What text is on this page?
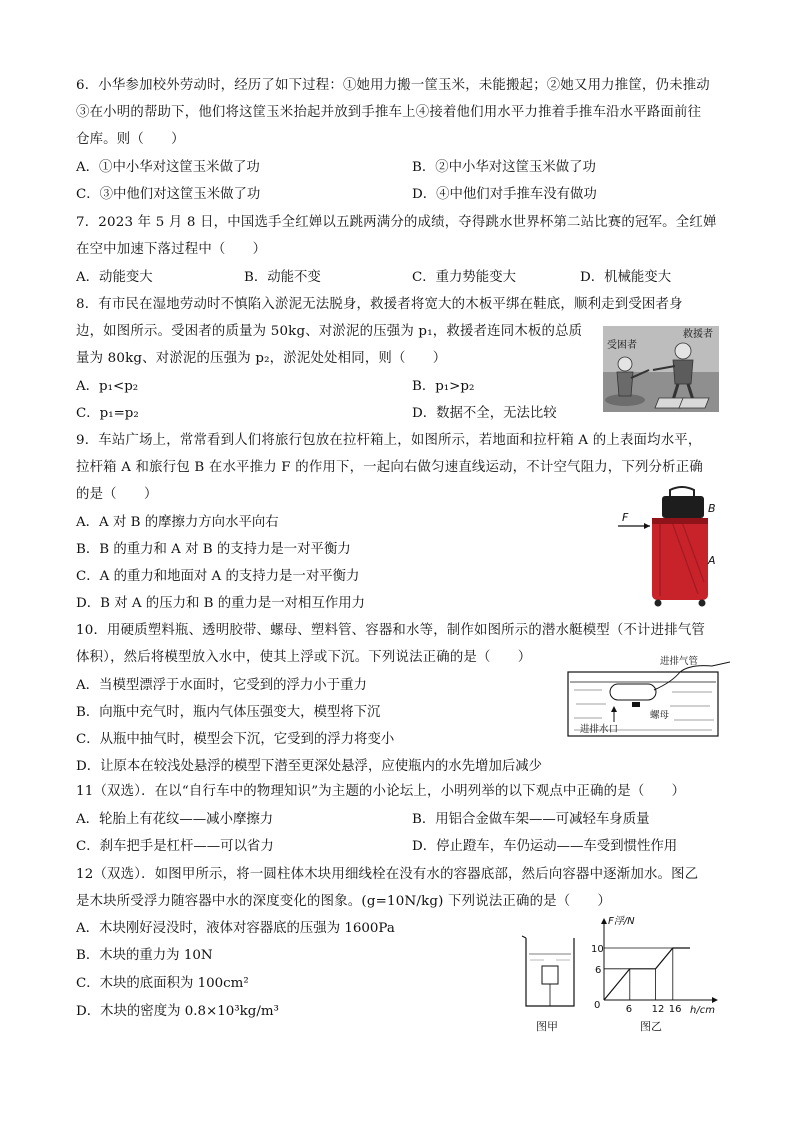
6．小华参加校外劳动时，经历了如下过程：①她用力搬一筐玉米，未能搬起；②她又用力推筐，仍未推动
③在小明的帮助下，他们将这筐玉米抬起并放到手推车上④接着他们用水平力推着手推车沿水平路面前往
仓库。则（　　）
A．①中小华对这筐玉米做了功	B．②中小华对这筐玉米做了功
C．③中他们对这筐玉米做了功	D．④中他们对手推车没有做功
7．2023 年 5 月 8 日，中国选手全红婵以五跳两满分的成绩，夺得跳水世界杯第二站比赛的冠军。全红婵
在空中加速下落过程中（　　）
A．动能变大	B．动能不变	C．重力势能变大	D．机械能变大
8．有市民在湿地劳动时不慎陷入淤泥无法脱身，救援者将宽大的木板平绑在鞋底，顺利走到受困者身
边，如图所示。受困者的质量为 50kg、对淤泥的压强为 p₁，救援者连同木板的总质
量为 80kg、对淤泥的压强为 p₂，淤泥处处相同，则（　　）
A．p₁<p₂	B．p₁>p₂
C．p₁=p₂	D．数据不全，无法比较
受困者
救援者
9．车站广场上，常常看到人们将旅行包放在拉杆箱上，如图所示，若地面和拉杆箱 A 的上表面均水平，
拉杆箱 A 和旅行包 B 在水平推力 F 的作用下，一起向右做匀速直线运动，不计空气阻力，下列分析正确
的是（　　）
A．A 对 B 的摩擦力方向水平向右
B．B 的重力和 A 对 B 的支持力是一对平衡力
C．A 的重力和地面对 A 的支持力是一对平衡力
D．B 对 A 的压力和 B 的重力是一对相互作用力
F
B
A
10．用硬质塑料瓶、透明胶带、螺母、塑料管、容器和水等，制作如图所示的潜水艇模型（不计进排气管
体积），然后将模型放入水中，使其上浮或下沉。下列说法正确的是（　　）
A．当模型漂浮于水面时，它受到的浮力小于重力
B．向瓶中充气时，瓶内气体压强变大，模型将下沉
C．从瓶中抽气时，模型会下沉，它受到的浮力将变小
D．让原本在较浅处悬浮的模型下潜至更深处悬浮，应使瓶内的水先增加后减少
进排气管
螺母
进排水口
11（双选）．在以“自行车中的物理知识”为主题的小论坛上，小明列举的以下观点中正确的是（　　）
A．轮胎上有花纹——减小摩擦力	B．用铝合金做车架——可减轻车身质量
C．刹车把手是杠杆——可以省力	D．停止蹬车，车仍运动——车受到惯性作用
12（双选）．如图甲所示，将一圆柱体木块用细线栓在没有水的容器底部，然后向容器中逐渐加水。图乙
是木块所受浮力随容器中水的深度变化的图象。(g=10N/kg) 下列说法正确的是（　　）
A．木块刚好浸没时，液体对容器底的压强为 1600Pa
B．木块的重力为 10N
C．木块的底面积为 100cm²
D．木块的密度为 0.8×10³kg/m³
图甲
F浮/N
h/cm
0	6 12 16
6
10
图乙
